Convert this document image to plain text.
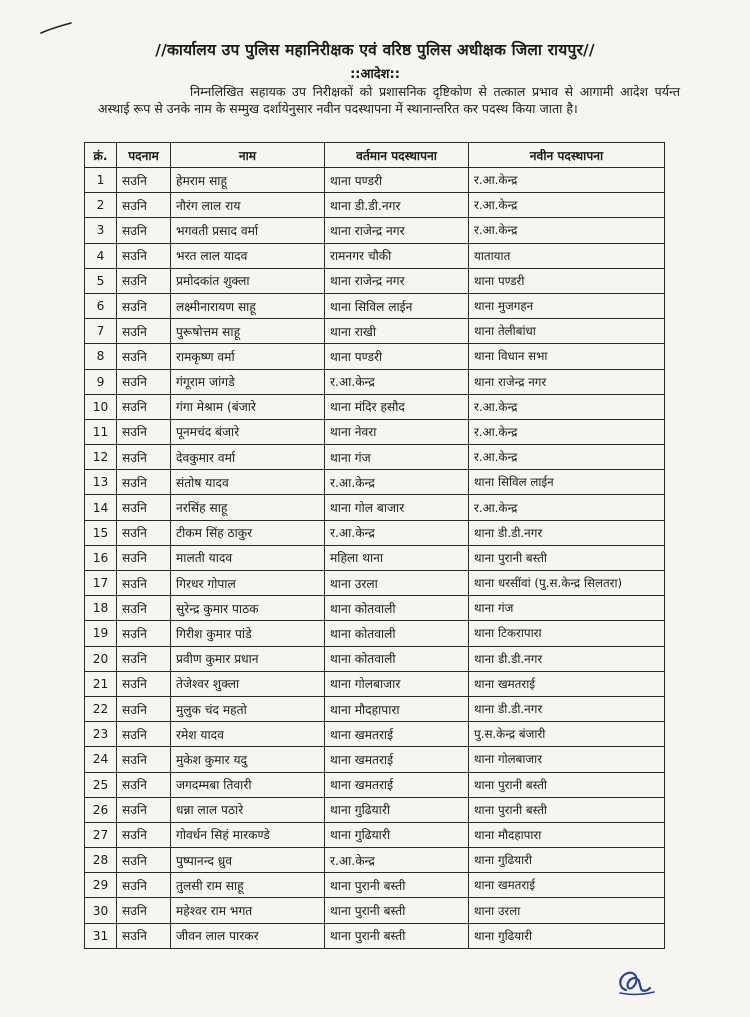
//कार्यालय उप पुलिस महानिरीक्षक एवं वरिष्ठ पुलिस अधीक्षक जिला रायपुर//
::आदेश::
निम्नलिखित सहायक उप निरीक्षकों को प्रशासनिक दृष्टिकोण से तत्काल प्रभाव से आगामी आदेश पर्यन्त अस्थाई रूप से उनके नाम के सम्मुख दर्शायेनुसार नवीन पदस्थापना में स्थानान्तरित कर पदस्थ किया जाता है।
क्रं.	पदनाम	नाम	वर्तमान पदस्थापना	नवीन पदस्थापना
1	सउनि	हेमराम साहू	थाना पण्डरी	र.आ.केन्द्र
2	सउनि	नौरंग लाल राय	थाना डी.डी.नगर	र.आ.केन्द्र
3	सउनि	भगवती प्रसाद वर्मा	थाना राजेन्द्र नगर	र.आ.केन्द्र
4	सउनि	भरत लाल यादव	रामनगर चौकी	यातायात
5	सउनि	प्रमोदकांत शुक्ला	थाना राजेन्द्र नगर	थाना पण्डरी
6	सउनि	लक्ष्मीनारायण साहू	थाना सिविल लाईन	थाना मुजगहन
7	सउनि	पुरूषोत्तम साहू	थाना राखी	थाना तेलीबांधा
8	सउनि	रामकृष्ण वर्मा	थाना पण्डरी	थाना विधान सभा
9	सउनि	गंगूराम जांगडे	र.आ.केन्द्र	थाना राजेन्द्र नगर
10	सउनि	गंगा मेश्राम (बंजारे	थाना मंदिर हसौद	र.आ.केन्द्र
11	सउनि	पूनमचंद बंजारे	थाना नेवरा	र.आ.केन्द्र
12	सउनि	देवकुमार वर्मा	थाना गंज	र.आ.केन्द्र
13	सउनि	संतोष यादव	र.आ.केन्द्र	थाना सिविल लाईन
14	सउनि	नरसिंह साहू	थाना गोल बाजार	र.आ.केन्द्र
15	सउनि	टीकम सिंह ठाकुर	र.आ.केन्द्र	थाना डी.डी.नगर
16	सउनि	मालती यादव	महिला थाना	थाना पुरानी बस्ती
17	सउनि	गिरधर गोपाल	थाना उरला	थाना धरसींवां (पु.स.केन्द्र सिलतरा)
18	सउनि	सुरेन्द्र कुमार पाठक	थाना कोतवाली	थाना गंज
19	सउनि	गिरीश कुमार पांडे	थाना कोतवाली	थाना टिकरापारा
20	सउनि	प्रवीण कुमार प्रधान	थाना कोतवाली	थाना डी.डी.नगर
21	सउनि	तेजेश्वर शुक्ला	थाना गोलबाजार	थाना खमतराई
22	सउनि	मुलुक चंद महतो	थाना मौदहापारा	थाना डी.डी.नगर
23	सउनि	रमेश यादव	थाना खमतराई	पु.स.केन्द्र बंजारी
24	सउनि	मुकेश कुमार यदु	थाना खमतराई	थाना गोलबाजार
25	सउनि	जगदम्मबा तिवारी	थाना खमतराई	थाना पुरानी बस्ती
26	सउनि	धन्ना लाल पठारे	थाना गुढियारी	थाना पुरानी बस्ती
27	सउनि	गोवर्धन सिहं मारकण्डे	थाना गुढियारी	थाना मौदहापारा
28	सउनि	पुष्पानन्द ध्रुव	र.आ.केन्द्र	थाना गुढियारी
29	सउनि	तुलसी राम साहू	थाना पुरानी बस्ती	थाना खमतराई
30	सउनि	महेश्वर राम भगत	थाना पुरानी बस्ती	थाना उरला
31	सउनि	जीवन लाल पारकर	थाना पुरानी बस्ती	थाना गुढियारी
